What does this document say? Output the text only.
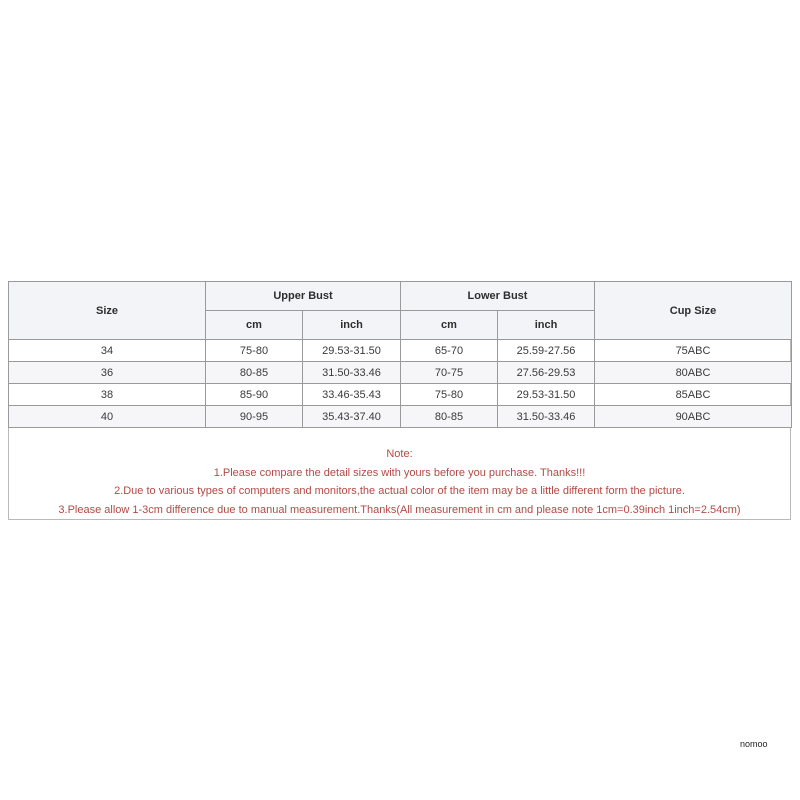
Size	Upper Bust		Lower Bust		Cup Size
	cm	inch	cm	inch	
34	75-80	29.53-31.50	65-70	25.59-27.56	75ABC
36	80-85	31.50-33.46	70-75	27.56-29.53	80ABC
38	85-90	33.46-35.43	75-80	29.53-31.50	85ABC
40	90-95	35.43-37.40	80-85	31.50-33.46	90ABC
Note:
1.Please compare the detail sizes with yours before you purchase. Thanks!!!
2.Due to various types of computers and monitors,the actual color of the item may be a little different form the picture.
3.Please allow 1-3cm difference due to manual measurement.Thanks(All measurement in cm and please note 1cm=0.39inch 1inch=2.54cm)
nomoo
